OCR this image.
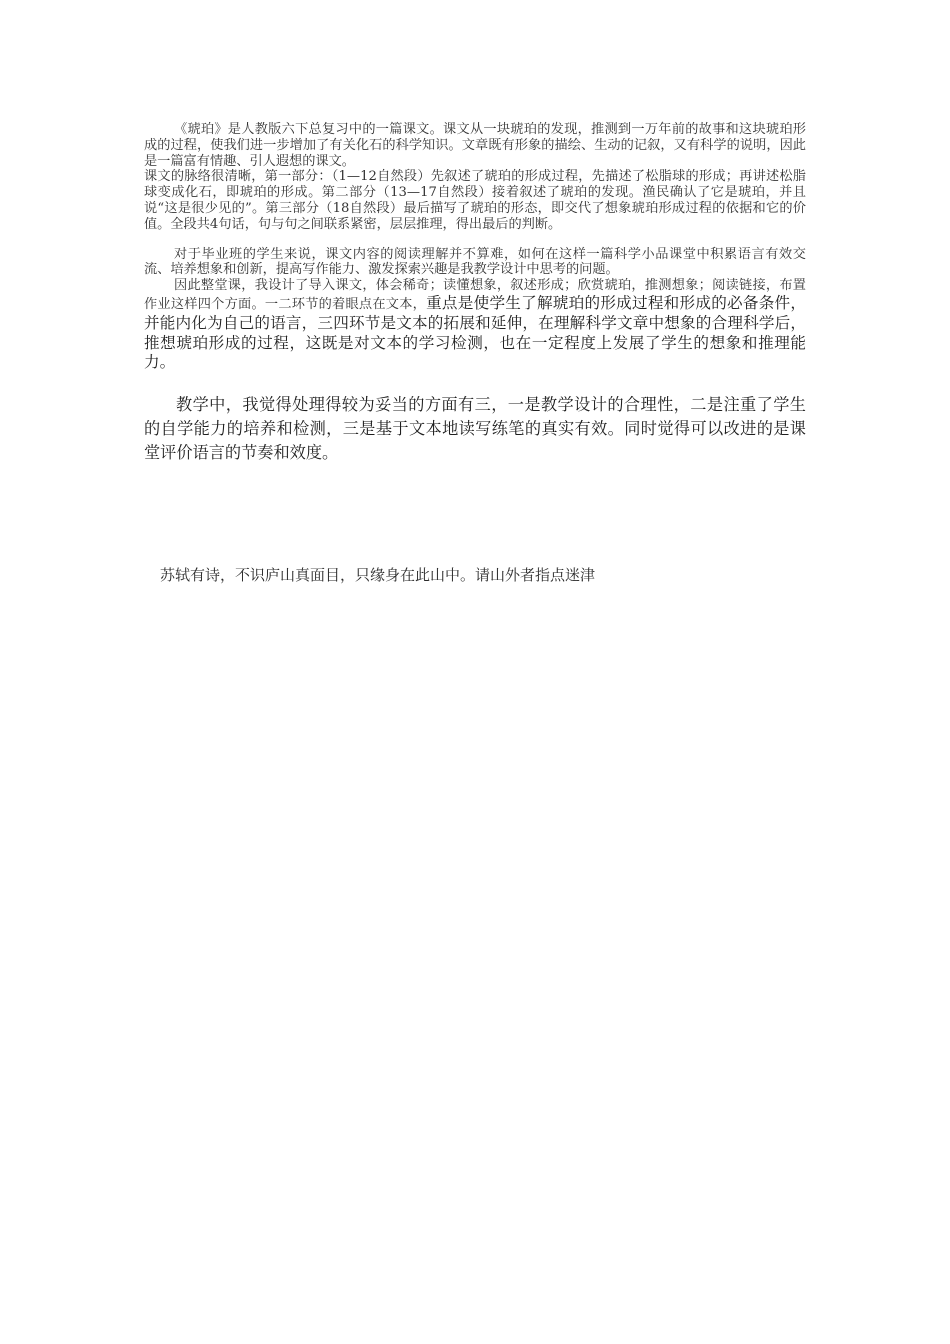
《琥珀》是人教版六下总复习中的一篇课文。课文从一块琥珀的发现，推测到一万年前的故事和这块琥珀形成的过程，使我们进一步增加了有关化石的科学知识。文章既有形象的描绘、生动的记叙，又有科学的说明，因此是一篇富有情趣、引人遐想的课文。

课文的脉络很清晰，第一部分：（1—12自然段）先叙述了琥珀的形成过程，先描述了松脂球的形成；再讲述松脂球变成化石，即琥珀的形成。第二部分（13—17自然段）接着叙述了琥珀的发现。渔民确认了它是琥珀，并且说“这是很少见的”。第三部分（18自然段）最后描写了琥珀的形态，即交代了想象琥珀形成过程的依据和它的价值。全段共4句话，句与句之间联系紧密，层层推理，得出最后的判断。

对于毕业班的学生来说，课文内容的阅读理解并不算难，如何在这样一篇科学小品课堂中积累语言有效交流、培养想象和创新，提高写作能力、激发探索兴趣是我教学设计中思考的问题。

因此整堂课，我设计了导入课文，体会稀奇；读懂想象，叙述形成；欣赏琥珀，推测想象；阅读链接，布置作业这样四个方面。一二环节的着眼点在文本，重点是使学生了解琥珀的形成过程和形成的必备条件，并能内化为自己的语言，三四环节是文本的拓展和延伸，在理解科学文章中想象的合理科学后，推想琥珀形成的过程，这既是对文本的学习检测，也在一定程度上发展了学生的想象和推理能力。

教学中，我觉得处理得较为妥当的方面有三，一是教学设计的合理性，二是注重了学生的自学能力的培养和检测，三是基于文本地读写练笔的真实有效。同时觉得可以改进的是课堂评价语言的节奏和效度。

苏轼有诗，不识庐山真面目，只缘身在此山中。请山外者指点迷津
